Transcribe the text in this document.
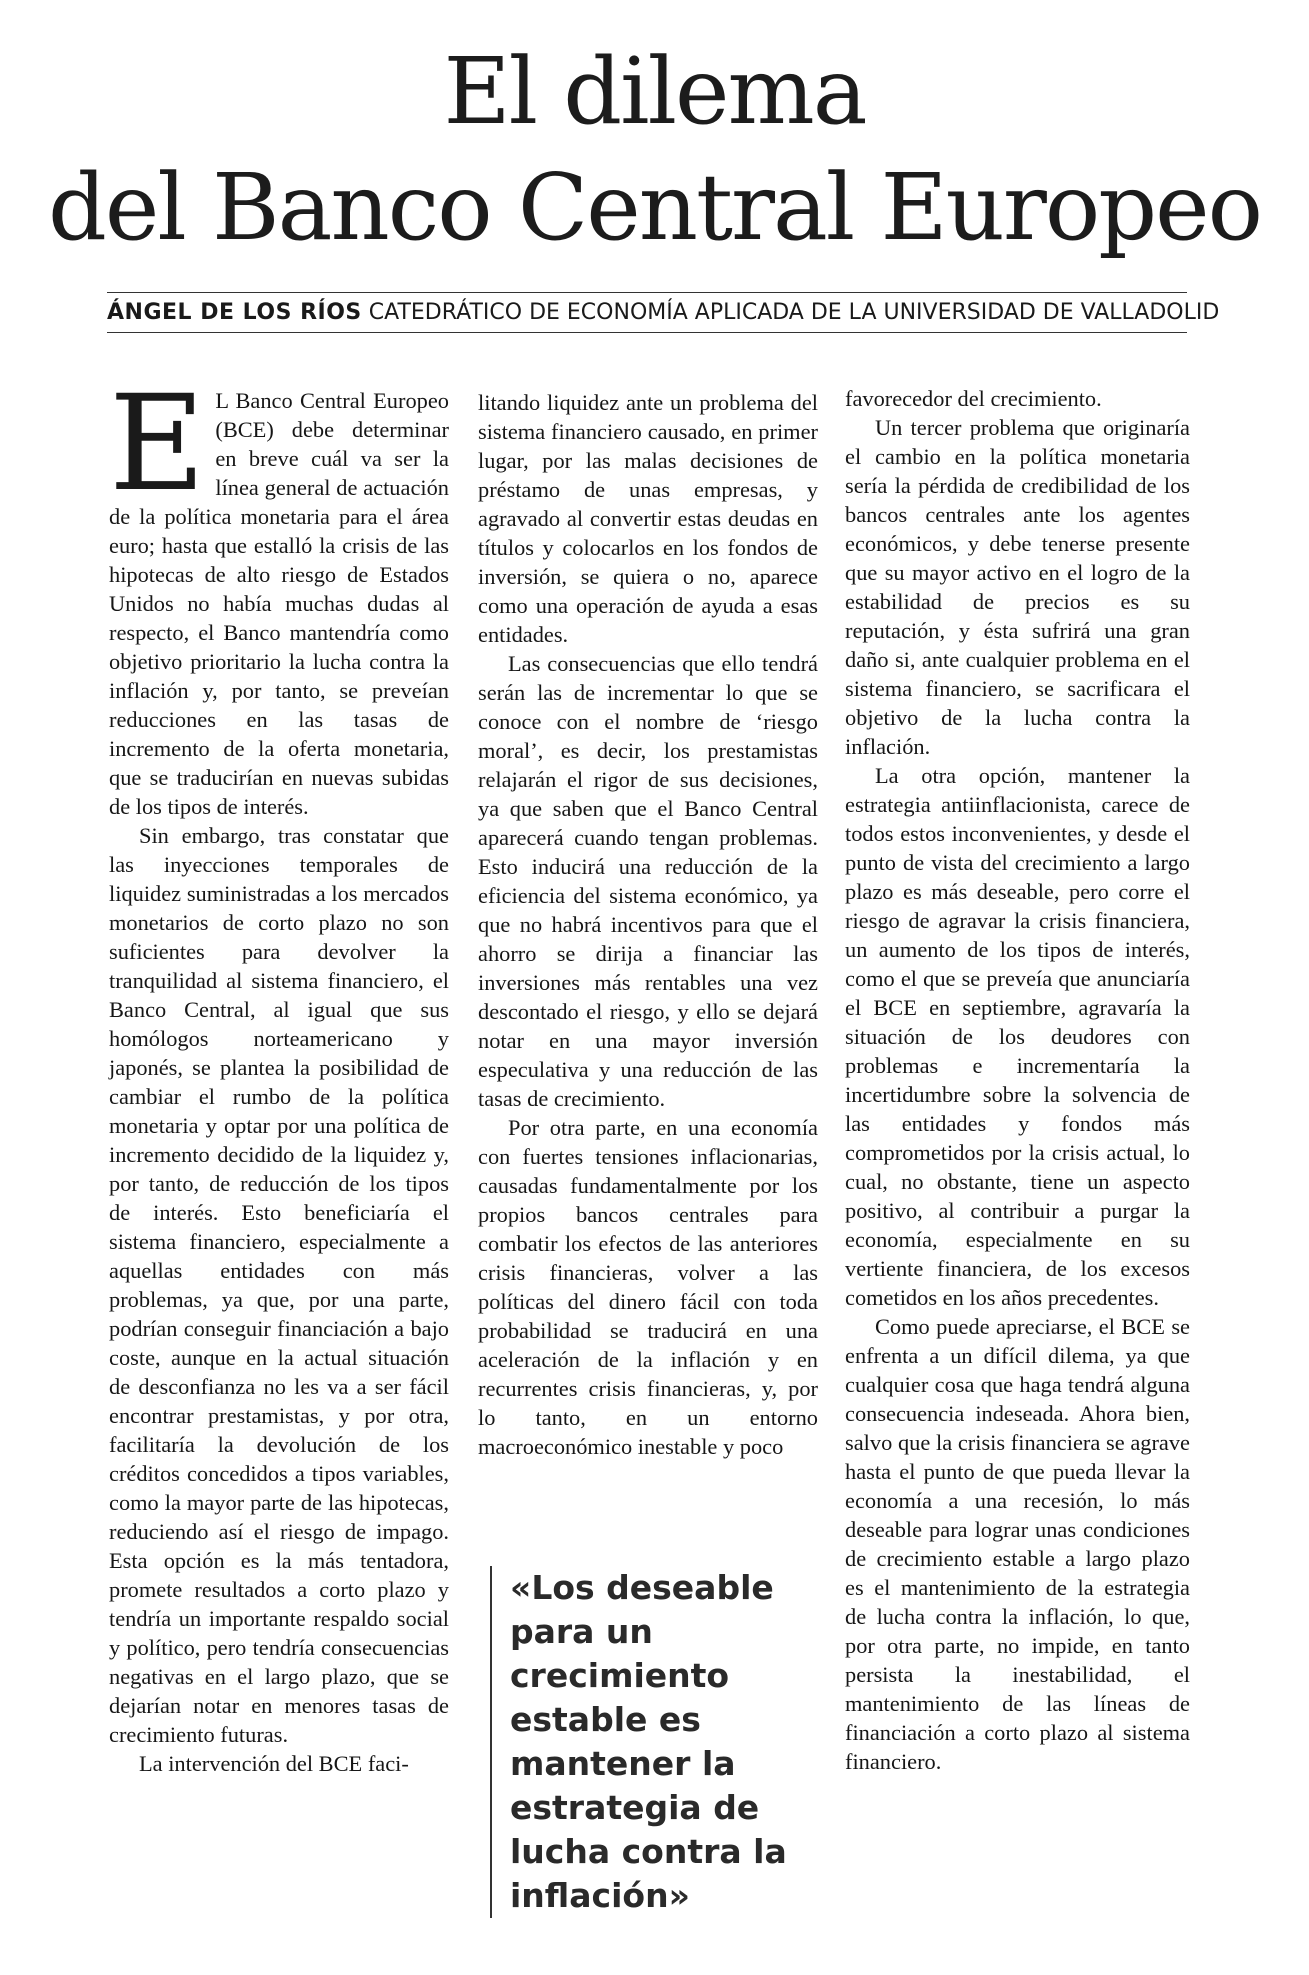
El dilema
del Banco Central Europeo
ÁNGEL DE LOS RÍOS CATEDRÁTICO DE ECONOMÍA APLICADA DE LA UNIVERSIDAD DE VALLADOLID

E L Banco Central Europeo (BCE) debe determinar en breve cuál va ser la línea general de actuación de la política monetaria para el área euro; hasta que estalló la crisis de las hipotecas de alto riesgo de Estados Unidos no había muchas dudas al respecto, el Banco mantendría como objetivo prioritario la lucha contra la inflación y, por tanto, se preveían reducciones en las tasas de incremento de la oferta monetaria, que se traducirían en nuevas subidas de los tipos de interés.

Sin embargo, tras constatar que las inyecciones temporales de liquidez suministradas a los mercados monetarios de corto plazo no son suficientes para devolver la tranquilidad al sistema financiero, el Banco Central, al igual que sus homólogos norteamericano y japonés, se plantea la posibilidad de cambiar el rumbo de la política monetaria y optar por una política de incremento decidido de la liquidez y, por tanto, de reducción de los tipos de interés. Esto beneficiaría el sistema financiero, especialmente a aquellas entidades con más problemas, ya que, por una parte, podrían conseguir financiación a bajo coste, aunque en la actual situación de desconfianza no les va a ser fácil encontrar prestamistas, y por otra, facilitaría la devolución de los créditos concedidos a tipos variables, como la mayor parte de las hipotecas, reduciendo así el riesgo de impago. Esta opción es la más tentadora, promete resultados a corto plazo y tendría un importante respaldo social y político, pero tendría consecuencias negativas en el largo plazo, que se dejarían notar en menores tasas de crecimiento futuras.

La intervención del BCE faci-

litando liquidez ante un problema del sistema financiero causado, en primer lugar, por las malas decisiones de préstamo de unas empresas, y agravado al convertir estas deudas en títulos y colocarlos en los fondos de inversión, se quiera o no, aparece como una operación de ayuda a esas entidades.

Las consecuencias que ello tendrá serán las de incrementar lo que se conoce con el nombre de ‘riesgo moral’, es decir, los prestamistas relajarán el rigor de sus decisiones, ya que saben que el Banco Central aparecerá cuando tengan problemas. Esto inducirá una reducción de la eficiencia del sistema económico, ya que no habrá incentivos para que el ahorro se dirija a financiar las inversiones más rentables una vez descontado el riesgo, y ello se dejará notar en una mayor inversión especulativa y una reducción de las tasas de crecimiento.

Por otra parte, en una economía con fuertes tensiones inflacionarias, causadas fundamentalmente por los propios bancos centrales para combatir los efectos de las anteriores crisis financieras, volver a las políticas del dinero fácil con toda probabilidad se traducirá en una aceleración de la inflación y en recurrentes crisis financieras, y, por lo tanto, en un entorno macroeconómico inestable y poco

«Los deseable para un crecimiento estable es mantener la estrategia de lucha contra la inflación»

favorecedor del crecimiento.

Un tercer problema que originaría el cambio en la política monetaria sería la pérdida de credibilidad de los bancos centrales ante los agentes económicos, y debe tenerse presente que su mayor activo en el logro de la estabilidad de precios es su reputación, y ésta sufrirá una gran daño si, ante cualquier problema en el sistema financiero, se sacrificara el objetivo de la lucha contra la inflación.

La otra opción, mantener la estrategia antiinflacionista, carece de todos estos inconvenientes, y desde el punto de vista del crecimiento a largo plazo es más deseable, pero corre el riesgo de agravar la crisis financiera, un aumento de los tipos de interés, como el que se preveía que anunciaría el BCE en septiembre, agravaría la situación de los deudores con problemas e incrementaría la incertidumbre sobre la solvencia de las entidades y fondos más comprometidos por la crisis actual, lo cual, no obstante, tiene un aspecto positivo, al contribuir a purgar la economía, especialmente en su vertiente financiera, de los excesos cometidos en los años precedentes.

Como puede apreciarse, el BCE se enfrenta a un difícil dilema, ya que cualquier cosa que haga tendrá alguna consecuencia indeseada. Ahora bien, salvo que la crisis financiera se agrave hasta el punto de que pueda llevar la economía a una recesión, lo más deseable para lograr unas condiciones de crecimiento estable a largo plazo es el mantenimiento de la estrategia de lucha contra la inflación, lo que, por otra parte, no impide, en tanto persista la inestabilidad, el mantenimiento de las líneas de financiación a corto plazo al sistema financiero.
